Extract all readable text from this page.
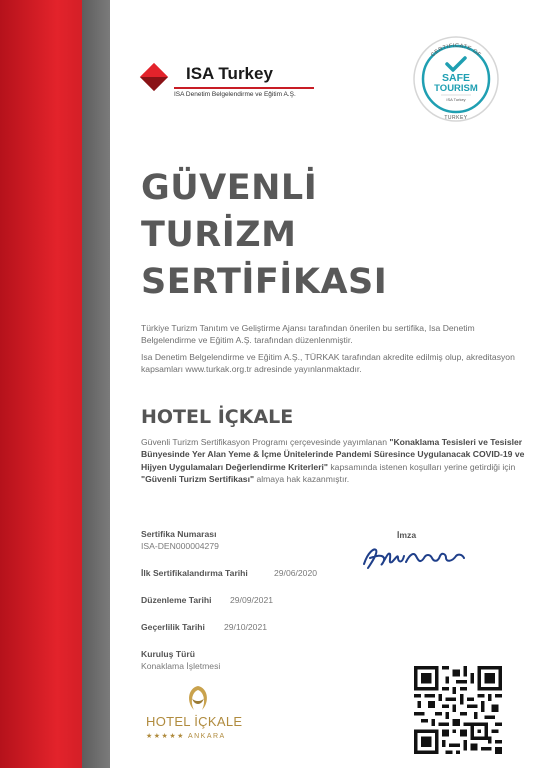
ISA Turkey
ISA Denetim Belgelendirme ve Eğitim A.Ş.
CERTIFICATE OF
SAFE
TOURISM
ISA Turkey
TURKEY
GÜVENLİ
TURİZM
SERTİFİKASI

Türkiye Turizm Tanıtım ve Geliştirme Ajansı tarafından önerilen bu sertifika, Isa Denetim Belgelendirme ve Eğitim A.Ş. tarafından düzenlenmiştir.

Isa Denetim Belgelendirme ve Eğitim A.Ş., TÜRKAK tarafından akredite edilmiş olup, akreditasyon kapsamları www.turkak.org.tr adresinde yayınlanmaktadır.

HOTEL İÇKALE

Güvenli Turizm Sertifikasyon Programı çerçevesinde yayımlanan "Konaklama Tesisleri ve Tesisler Bünyesinde Yer Alan Yeme & İçme Ünitelerinde Pandemi Süresince Uygulanacak COVID-19 ve Hijyen Uygulamaları Değerlendirme Kriterleri" kapsamında istenen koşulları yerine getirdiği için "Güvenli Turizm Sertifikası" almaya hak kazanmıştır.

Sertifika Numarası
ISA-DEN000004279
İlk Sertifikalandırma Tarihi	29/06/2020
Düzenleme Tarihi 29/09/2021
Geçerlilik Tarihi 29/10/2021
Kuruluş Türü
Konaklama İşletmesi
İmza
HOTEL İÇKALE
★★★★★ ANKARA
